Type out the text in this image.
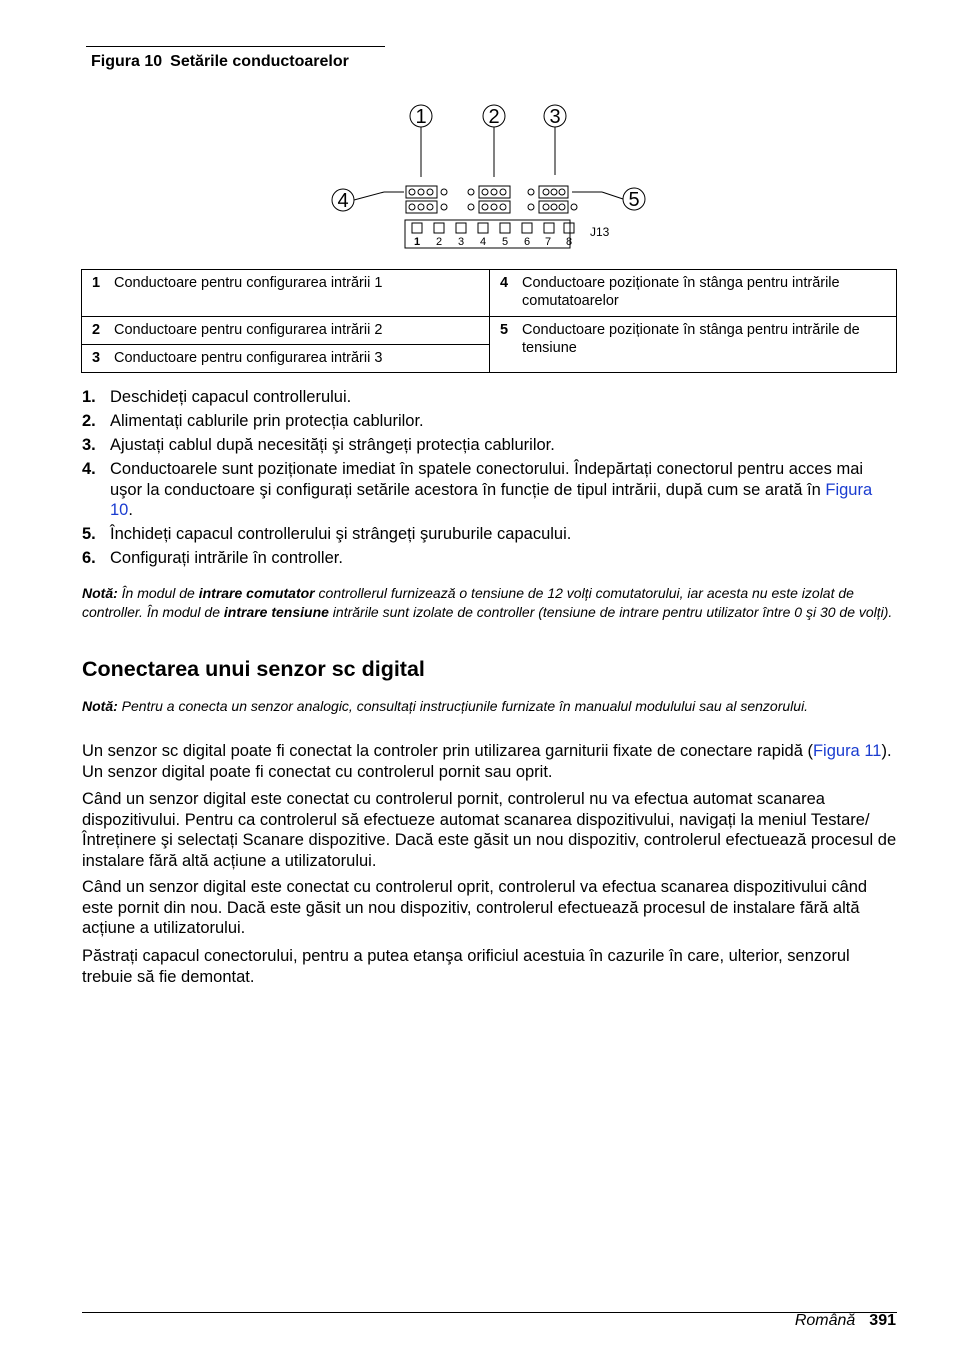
Figura 10 Setările conductoarelor
1	2 3
4	5
1 2 3 4 5 6 7 8
J13
1 Conductoare pentru configurarea intrării 1	4 Conductoare poziționate în stânga pentru intrările comutatoarelor
2 Conductoare pentru configurarea intrării 2	5 Conductoare poziționate în stânga pentru intrările de tensiune
3 Conductoare pentru configurarea intrării 3	
1. Deschideți capacul controllerului.
2. Alimentați cablurile prin protecția cablurilor.
3. Ajustați cablul după necesități şi strângeți protecția cablurilor.
4. Conductoarele sunt poziționate imediat în spatele conectorului. Îndepărtați conectorul pentru acces mai uşor la conductoare şi configurați setările acestora în funcție de tipul intrării, după cum se arată în Figura 10.
5. Închideți capacul controllerului şi strângeți şuruburile capacului.
6. Configurați intrările în controller.
Notă: În modul de intrare comutator controllerul furnizează o tensiune de 12 volți comutatorului, iar acesta nu este izolat de controller. În modul de intrare tensiune intrările sunt izolate de controller (tensiune de intrare pentru utilizator între 0 şi 30 de volți).
Conectarea unui senzor sc digital
Notă: Pentru a conecta un senzor analogic, consultați instrucțiunile furnizate în manualul modulului sau al senzorului.

Un senzor sc digital poate fi conectat la controler prin utilizarea garniturii fixate de conectare rapidă (Figura 11). Un senzor digital poate fi conectat cu controlerul pornit sau oprit.

Când un senzor digital este conectat cu controlerul pornit, controlerul nu va efectua automat scanarea dispozitivului. Pentru ca controlerul să efectueze automat scanarea dispozitivului, navigați la meniul Testare/Întreținere şi selectați Scanare dispozitive. Dacă este găsit un nou dispozitiv, controlerul efectuează procesul de instalare fără altă acțiune a utilizatorului.

Când un senzor digital este conectat cu controlerul oprit, controlerul va efectua scanarea dispozitivului când este pornit din nou. Dacă este găsit un nou dispozitiv, controlerul efectuează procesul de instalare fără altă acțiune a utilizatorului.

Păstrați capacul conectorului, pentru a putea etanşa orificiul acestuia în cazurile în care, ulterior, senzorul trebuie să fie demontat.

Română 391
